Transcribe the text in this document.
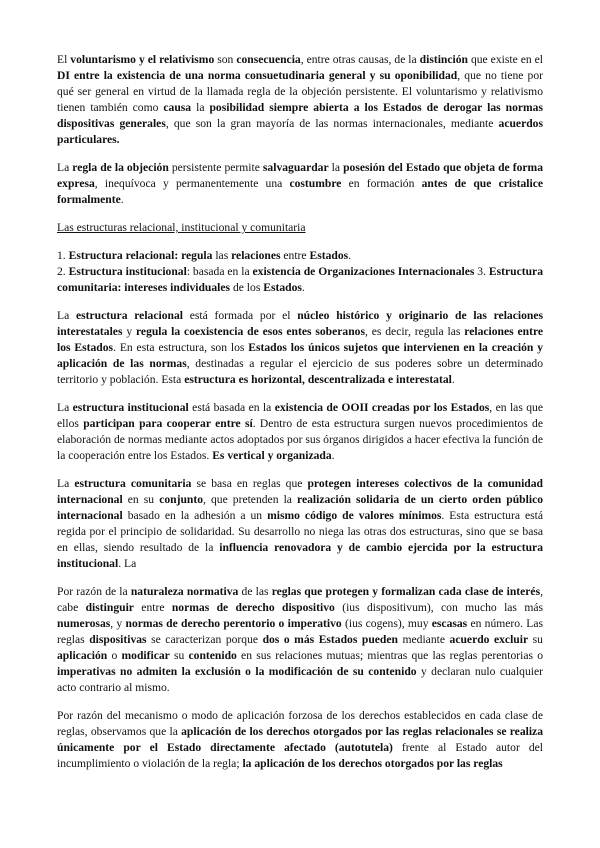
El voluntarismo y el relativismo son consecuencia, entre otras causas, de la distinción que existe en el DI entre la existencia de una norma consuetudinaria general y su oponibilidad, que no tiene por qué ser general en virtud de la llamada regla de la objeción persistente. El voluntarismo y relativismo tienen también como causa la posibilidad siempre abierta a los Estados de derogar las normas dispositivas generales, que son la gran mayoría de las normas internacionales, mediante acuerdos particulares.

La regla de la objeción persistente permite salvaguardar la posesión del Estado que objeta de forma expresa, inequívoca y permanentemente una costumbre en formación antes de que cristalice formalmente.

Las estructuras relacional, institucional y comunitaria

1. Estructura relacional: regula las relaciones entre Estados.

2. Estructura institucional: basada en la existencia de Organizaciones Internacionales 3. Estructura comunitaria: intereses individuales de los Estados.

La estructura relacional está formada por el núcleo histórico y originario de las relaciones interestatales y regula la coexistencia de esos entes soberanos, es decir, regula las relaciones entre los Estados. En esta estructura, son los Estados los únicos sujetos que intervienen en la creación y aplicación de las normas, destinadas a regular el ejercicio de sus poderes sobre un determinado territorio y población. Esta estructura es horizontal, descentralizada e interestatal.

La estructura institucional está basada en la existencia de OOII creadas por los Estados, en las que ellos participan para cooperar entre sí. Dentro de esta estructura surgen nuevos procedimientos de elaboración de normas mediante actos adoptados por sus órganos dirigidos a hacer efectiva la función de la cooperación entre los Estados. Es vertical y organizada.

La estructura comunitaria se basa en reglas que protegen intereses colectivos de la comunidad internacional en su conjunto, que pretenden la realización solidaria de un cierto orden público internacional basado en la adhesión a un mismo código de valores mínimos. Esta estructura está regida por el principio de solidaridad. Su desarrollo no niega las otras dos estructuras, sino que se basa en ellas, siendo resultado de la influencia renovadora y de cambio ejercida por la estructura institucional. La

Por razón de la naturaleza normativa de las reglas que protegen y formalizan cada clase de interés, cabe distinguir entre normas de derecho dispositivo (ius dispositivum), con mucho las más numerosas, y normas de derecho perentorio o imperativo (ius cogens), muy escasas en número. Las reglas dispositivas se caracterizan porque dos o más Estados pueden mediante acuerdo excluir su aplicación o modificar su contenido en sus relaciones mutuas; mientras que las reglas perentorias o imperativas no admiten la exclusión o la modificación de su contenido y declaran nulo cualquier acto contrario al mismo.

Por razón del mecanismo o modo de aplicación forzosa de los derechos establecidos en cada clase de reglas, observamos que la aplicación de los derechos otorgados por las reglas relacionales se realiza únicamente por el Estado directamente afectado (autotutela) frente al Estado autor del incumplimiento o violación de la regla; la aplicación de los derechos otorgados por las reglas
